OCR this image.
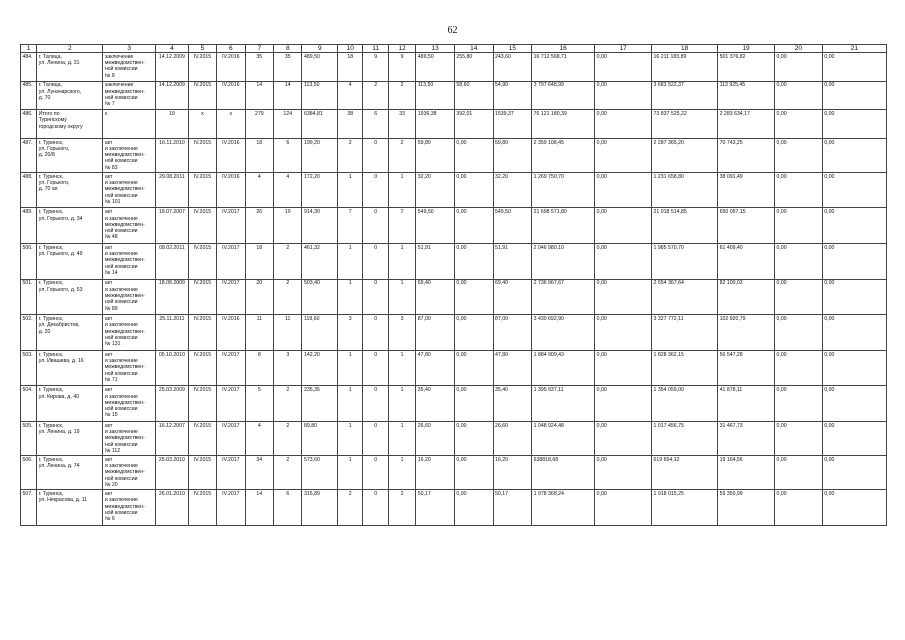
62
1	2	3	4	5	6	7	8	9	10	11	12	13	14	15	16	17	18	19	20	21
484.	г. Талица,
ул. Ленина, д. 31	заключение
межведомствен-
ной комиссии
№ 8	14.12.2009	IV.2015	IV.2016	35	35	489,50	18	9	9	489,50	255,80	243,60	16 712 568,71	0,00	16 211 183,89	501 376,82	0,00	0,00
485.	г. Талица,
ул. Луначарского,
д. 70	заключение
межведомствен-
ной комиссии
№ 7	14.12.2009	IV.2015	IV.2016	14	14	113,50	4	2	2	113,50	58,60	54,90	3 797 648,99	0,00	3 683 522,37	113 925,45	0,00	0,00
486.	Итого по
Туринскому
городскому округу	x	19	x	x	279	124	6384,81	38	6	33	1936,38	392,01	1539,37	76 121 180,39	0,00	73 837 525,22	2 283 634,17	0,00	0,00
487.	г. Туринск,
ул. Горького,
д. 20/8	акт
и заключение
межведомствен-
ной комиссии
№ 83	16.11.2010	IV.2015	IV.2016	18	6	199,20	2	0	2	59,80	0,00	59,80	2 359 108,45	0,00	2 287 365,20	70 743,25	0,00	0,00
488.	г. Туринск,
ул. Горького,
д. 70 ая	акт
и заключение
межведомствен-
ной комиссии
№ 101	29.08.2011	IV.2015	IV.2016	4	4	172,20	1	0	1	32,20	0,00	32,20	1 269 750,70	0,00	1 231 658,80	38 091,49	0,00	0,00
489.	г. Туринск,
ул. Горького, д. 34	акт
и заключение
межведомствен-
ной комиссии
№ 48	19.07.2007	IV.2015	IV.2017	26	19	914,30	7	0	7	549,50	0,00	549,50	21 698 571,80	0,00	21 018 514,85	650 057,15	0,00	0,00
500.	г. Туринск,
ул. Горького, д. 49	акт
и заключение
межведомствен-
ной комиссии
№ 14	08.02.2011	IV.2015	IV.2017	18	2	461,32	1	0	1	51,91	0,00	51,91	2 046 980,10	0,00	1 985 570,70	61 409,40	0,00	0,00
501.	г. Туринск,
ул. Горького, д. 53	акт
и заключение
межведомствен-
ной комиссии
№ 89	18.08.2009	IV.2015	IV.2017	20	2	503,40	1	0	1	69,40	0,00	69,40	2 736 967,67	0,00	2 654 367,64	82 100,03	0,00	0,00
502.	г. Туринск,
ул. Декабристов,
д. 20	акт
и заключение
межведомствен-
ной комиссии
№ 131	25.11.2011	IV.2015	IV.2016	11	11	119,60	3	0	3	87,00	0,00	87,00	3 430 692,90	0,00	3 327 772,11	102 920,79	0,00	0,00
503.	г. Туринск,
ул. Ивашева, д. 16	акт
и заключение
межведомствен-
ной комиссии
№ 71	05.10.2010	IV.2015	IV.2017	8	3	142,20	1	0	1	47,80	0,00	47,80	1 884 909,43	0,00	1 828 362,15	56 547,28	0,00	0,00
504.	г. Туринск,
ул. Кирова, д. 40	акт
и заключение
межведомствен-
ной комиссии
№ 15	25.03.2009	IV.2015	IV.2017	5	2	235,35	1	0	1	35,40	0,00	35,40	1 395 937,11	0,00	1 354 059,00	41 878,11	0,00	0,00
505.	г. Туринск,
ул. Ленина, д. 19	акт
и заключение
межведомствен-
ной комиссии
№ 112	16.12.2007	IV.2015	IV.2017	4	2	89,80	1	0	1	26,60	0,00	26,60	1 048 924,48	0,00	1 017 456,75	31 467,73	0,00	0,00
506.	г. Туринск,
ул. Ленина, д. 74	акт
и заключение
межведомствен-
ной комиссии
№ 20	25.03.2010	IV.2015	IV.2017	34	2	573,60	1	0	1	16,20	0,00	16,20	638818,68	0,00	619 654,12	19 164,56	0,00	0,00
507.	г. Туринск,
ул. Некрасова, д. 11	акт
и заключение
межведомствен-
ной комиссии
№ 6	26.01.2010	IV.2015	IV.2017	14	6	315,89	2	0	2	50,17	0,00	50,17	1 978 368,24	0,00	1 918 015,25	59 350,99	0,00	0,00
